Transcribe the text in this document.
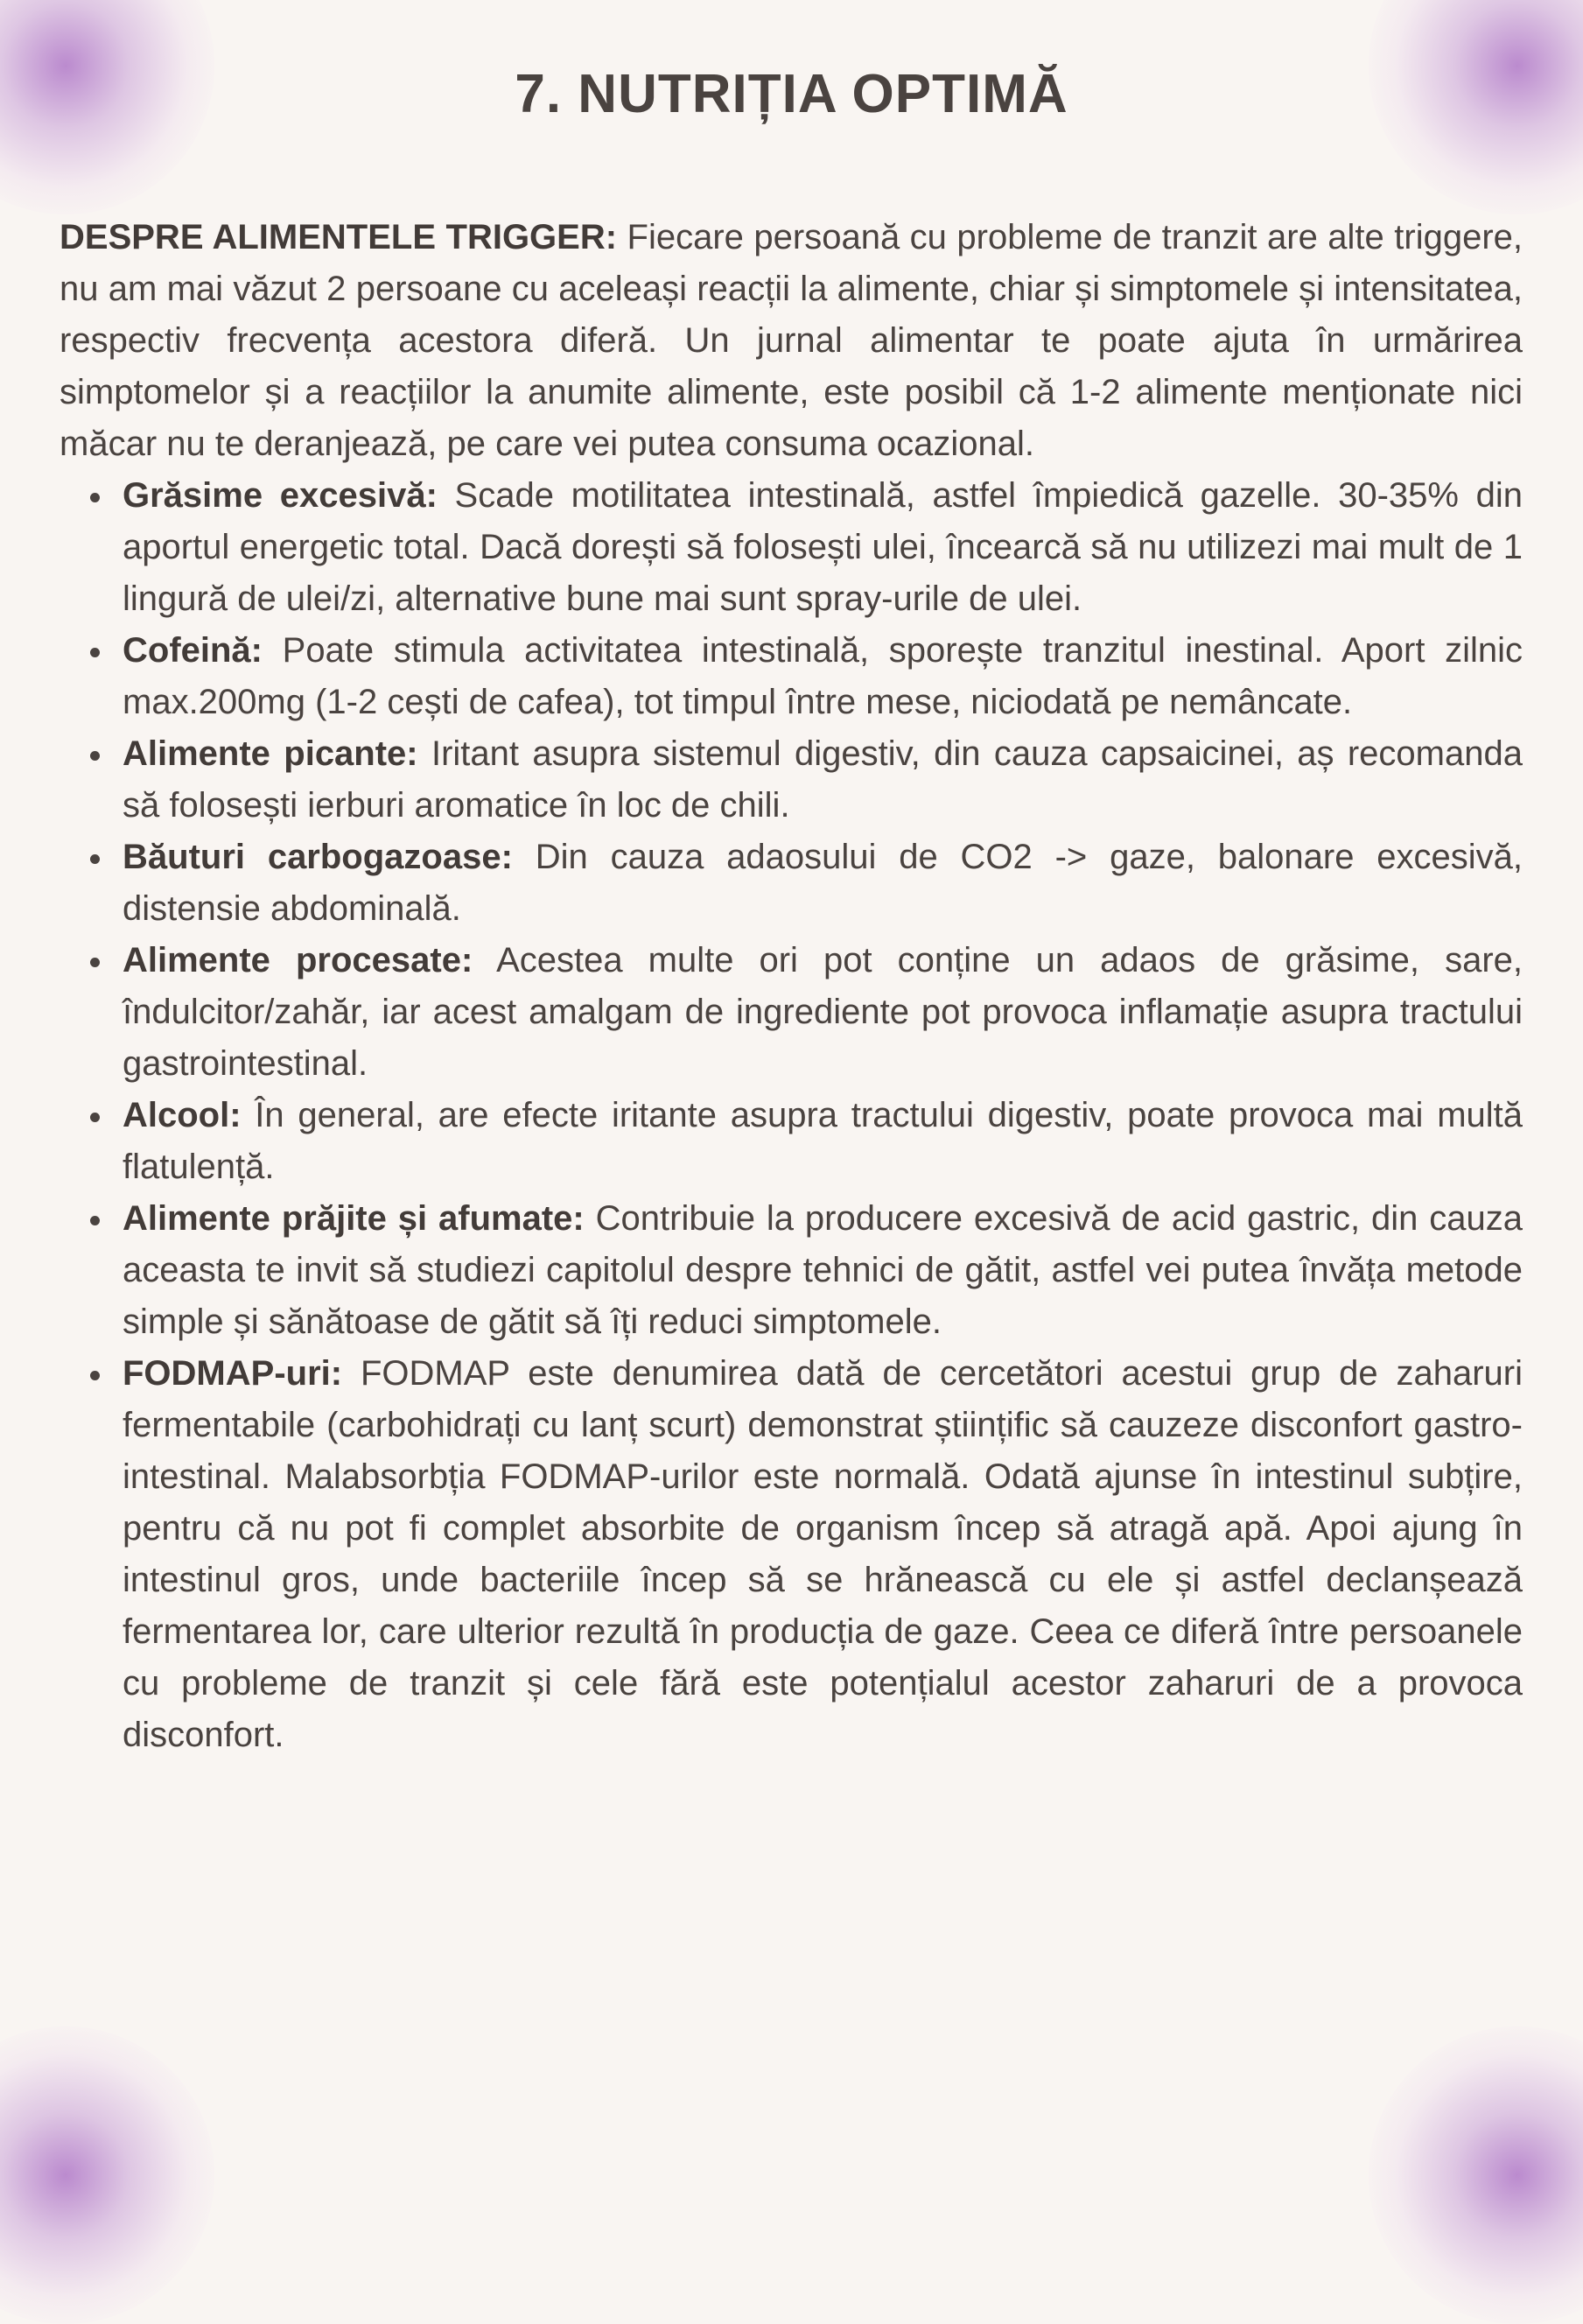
7. NUTRIȚIA OPTIMĂ

DESPRE ALIMENTELE TRIGGER: Fiecare persoană cu probleme de tranzit are alte triggere, nu am mai văzut 2 persoane cu aceleași reacții la alimente, chiar și simptomele și intensitatea, respectiv frecvența acestora diferă. Un jurnal alimentar te poate ajuta în urmărirea simptomelor și a reacțiilor la anumite alimente, este posibil că 1-2 alimente menționate nici măcar nu te deranjează, pe care vei putea consuma ocazional.

Grăsime excesivă: Scade motilitatea intestinală, astfel împiedică gazelle. 30-35% din aportul energetic total. Dacă dorești să folosești ulei, încearcă să nu utilizezi mai mult de 1 lingură de ulei/zi, alternative bune mai sunt spray-urile de ulei.
Cofeină: Poate stimula activitatea intestinală, sporește tranzitul inestinal. Aport zilnic max.200mg (1-2 cești de cafea), tot timpul între mese, niciodată pe nemâncate.
Alimente picante: Iritant asupra sistemul digestiv, din cauza capsaicinei, aș recomanda să folosești ierburi aromatice în loc de chili.
Băuturi carbogazoase: Din cauza adaosului de CO2 -> gaze, balonare excesivă, distensie abdominală.
Alimente procesate: Acestea multe ori pot conține un adaos de grăsime, sare, îndulcitor/zahăr, iar acest amalgam de ingrediente pot provoca inflamație asupra tractului gastrointestinal.
Alcool: În general, are efecte iritante asupra tractului digestiv, poate provoca mai multă flatulență.
Alimente prăjite și afumate: Contribuie la producere excesivă de acid gastric, din cauza aceasta te invit să studiezi capitolul despre tehnici de gătit, astfel vei putea învăța metode simple și sănătoase de gătit să îți reduci simptomele.
FODMAP-uri: FODMAP este denumirea dată de cercetători acestui grup de zaharuri fermentabile (carbohidrați cu lanț scurt) demonstrat științific să cauzeze disconfort gastro-intestinal. Malabsorbția FODMAP-urilor este normală. Odată ajunse în intestinul subțire, pentru că nu pot fi complet absorbite de organism încep să atragă apă. Apoi ajung în intestinul gros, unde bacteriile încep să se hrănească cu ele și astfel declanșează fermentarea lor, care ulterior rezultă în producția de gaze. Ceea ce diferă între persoanele cu probleme de tranzit și cele fără este potențialul acestor zaharuri de a provoca disconfort.
